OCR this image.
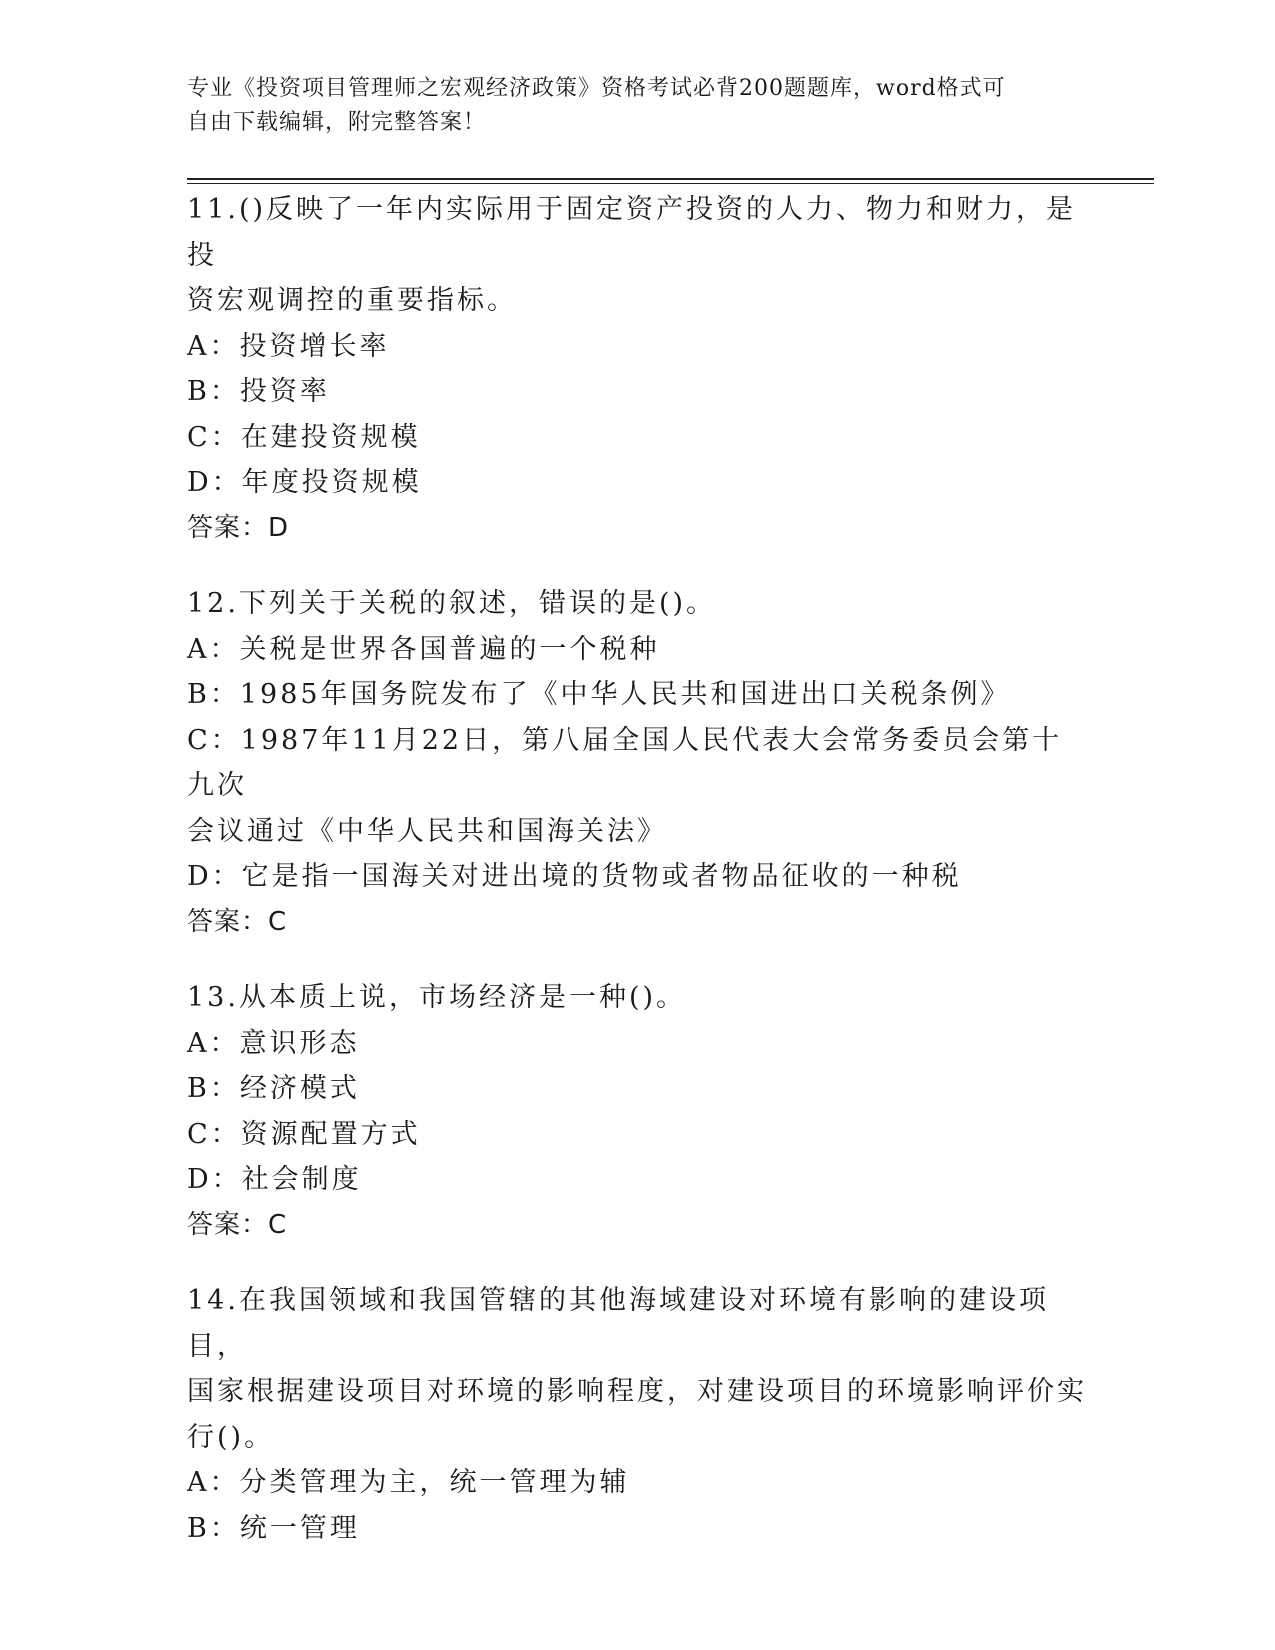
专业《投资项目管理师之宏观经济政策》资格考试必背200题题库，word格式可
自由下载编辑，附完整答案！
11.()反映了一年内实际用于固定资产投资的人力、物力和财力，是投
资宏观调控的重要指标。
A：投资增长率
B：投资率
C：在建投资规模
D：年度投资规模
答案：D
12.下列关于关税的叙述，错误的是()。
A：关税是世界各国普遍的一个税种
B：1985年国务院发布了《中华人民共和国进出口关税条例》
C：1987年11月22日，第八届全国人民代表大会常务委员会第十九次
会议通过《中华人民共和国海关法》
D：它是指一国海关对进出境的货物或者物品征收的一种税
答案：C
13.从本质上说，市场经济是一种()。
A：意识形态
B：经济模式
C：资源配置方式
D：社会制度
答案：C
14.在我国领域和我国管辖的其他海域建设对环境有影响的建设项目，
国家根据建设项目对环境的影响程度，对建设项目的环境影响评价实
行()。
A：分类管理为主，统一管理为辅
B：统一管理
